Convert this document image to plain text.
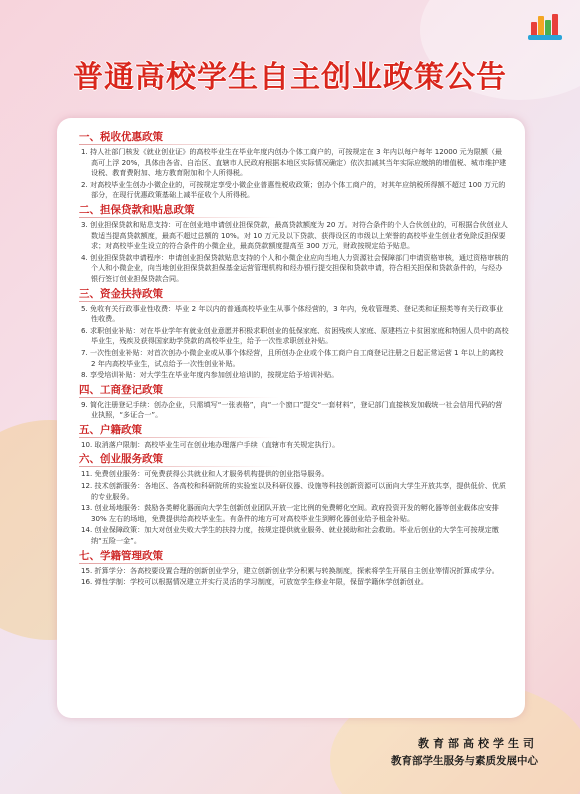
普通高校学生自主创业政策公告
一、税收优惠政策
1. 持人社部门核发《就业创业证》的高校毕业生在毕业年度内创办个体工商户的，可按规定在 3 年内以每户每年 12000 元为限额（最高可上浮 20%，具体由各省、自治区、直辖市人民政府根据本地区实际情况确定）依次扣减其当年实际应缴纳的增值税、城市维护建设税、教育费附加、地方教育附加和个人所得税。
2. 对高校毕业生创办小微企业的，可按规定享受小微企业普惠性税收政策；创办个体工商户的，对其年应纳税所得额不超过 100 万元的部分，在现行优惠政策基础上减半征收个人所得税。
二、担保贷款和贴息政策
3. 创业担保贷款和贴息支持：可在创业地申请创业担保贷款，最高贷款额度为 20 万。对符合条件的个人合伙创业的，可根据合伙创业人数适当提高贷款额度，最高不超过总额的 10%。对 10 万元及以下贷款、获得设区的市级以上荣誉的高校毕业生创业者免除反担保要求；对高校毕业生设立的符合条件的小微企业，最高贷款额度提高至 300 万元，财政按规定给予贴息。
4. 创业担保贷款申请程序：申请创业担保贷款贴息支持的个人和小微企业应向当地人力资源社会保障部门申请资格审核，通过资格审核的个人和小微企业，向当地创业担保贷款担保基金运营管理机构和经办银行提交担保和贷款申请，符合相关担保和贷款条件的，与经办银行签订创业担保贷款合同。
三、资金扶持政策
5. 免收有关行政事业性收费：毕业 2 年以内的普通高校毕业生从事个体经营的，3 年内，免收管理类、登记类和证照类等有关行政事业性收费。
6. 求职创业补贴：对在毕业学年有就业创业意愿并积极求职创业的低保家庭、贫困残疾人家庭、原建档立卡贫困家庭和特困人员中的高校毕业生，残疾及获得国家助学贷款的高校毕业生，给予一次性求职创业补贴。
7. 一次性创业补贴：对首次创办小微企业或从事个体经营，且所创办企业或个体工商户自工商登记注册之日起正常运营 1 年以上的离校 2 年内高校毕业生，试点给予一次性创业补贴。
8. 享受培训补贴：对大学生在毕业年度内参加创业培训的，按规定给予培训补贴。
四、工商登记政策
9. 简化注册登记手续：创办企业，只需填写“一张表格”，向“一个窗口”提交“一套材料”，登记部门直接核发加载统一社会信用代码的营业执照，“多证合一”。
五、户籍政策
10. 取消落户限制：高校毕业生可在创业地办理落户手续（直辖市有关规定执行）。
六、创业服务政策
11. 免费创业服务：可免费获得公共就业和人才服务机构提供的创业指导服务。
12. 技术创新服务：各地区、各高校和科研院所的实验室以及科研仪器、设施等科技创新资源可以面向大学生开放共享，提供低价、优质的专业服务。
13. 创业场地服务：鼓励各类孵化器面向大学生创新创业团队开放一定比例的免费孵化空间。政府投资开发的孵化器等创业载体应安排 30% 左右的场地，免费提供给高校毕业生。有条件的地方可对高校毕业生到孵化器创业给予租金补贴。
14. 创业保障政策：加大对创业失败大学生的扶持力度，按规定提供就业服务、就业援助和社会救助。毕业后创业的大学生可按规定缴纳“五险一金”。
七、学籍管理政策
15. 折算学分：各高校要设置合理的创新创业学分，建立创新创业学分积累与转换制度，探索将学生开展自主创业等情况折算成学分。
16. 弹性学制：学校可以根据情况建立并实行灵活的学习制度，可放宽学生修业年限，保留学籍休学创新创业。
教育部高校学生司
教育部学生服务与素质发展中心
